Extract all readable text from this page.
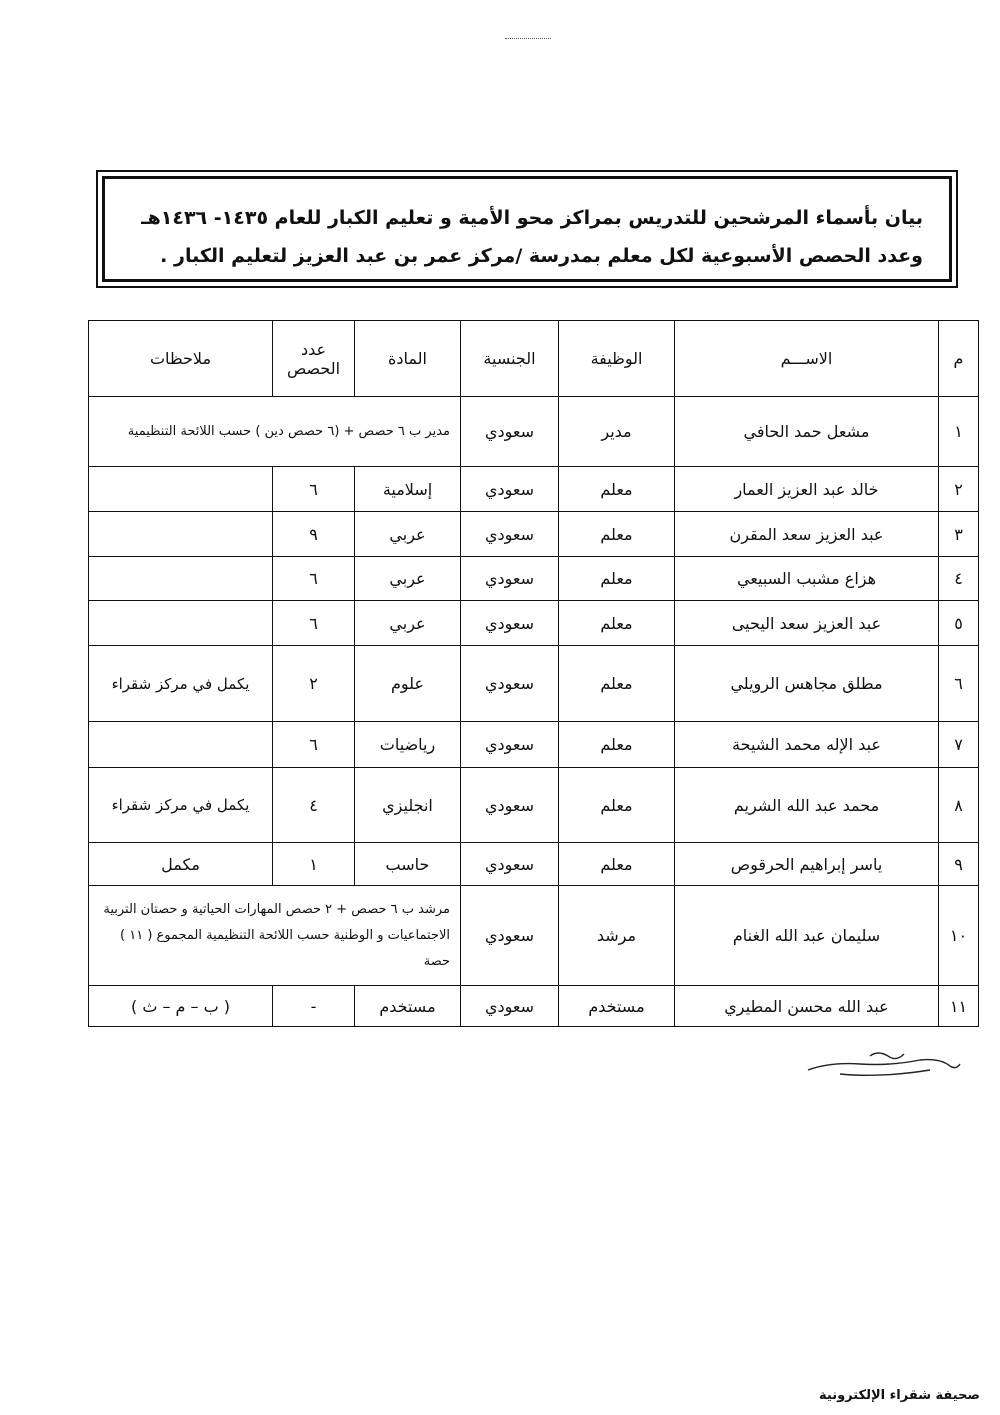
بيان بأسماء المرشحين للتدريس بمراكز محو الأمية و تعليم الكبار للعام ١٤٣٥- ١٤٣٦هـ
وعدد الحصص الأسبوعية لكل معلم بمدرسة /مركز عمر بن عبد العزيز لتعليم الكبار .
م	الاســـم	الوظيفة	الجنسية	المادة	عدد الحصص	ملاحظات
١	مشعل حمد الحافي	مدير	سعودي	مدير ب ٦ حصص + (٦ حصص دين ) حسب اللائحة التنظيمية		
٢	خالد عبد العزيز العمار	معلم	سعودي	إسلامية	٦	
٣	عبد العزيز سعد المقرن	معلم	سعودي	عربي	٩	
٤	هزاع مشبب السبيعي	معلم	سعودي	عربي	٦	
٥	عبد العزيز سعد اليحيى	معلم	سعودي	عربي	٦	
٦	مطلق مجاهس الرويلي	معلم	سعودي	علوم	٢	يكمل في مركز شقراء
٧	عبد الإله محمد الشيحة	معلم	سعودي	رياضيات	٦	
٨	محمد عبد الله الشريم	معلم	سعودي	انجليزي	٤	يكمل في مركز شقراء
٩	ياسر إبراهيم الحرقوص	معلم	سعودي	حاسب	١	مكمل
١٠	سليمان عبد الله الغنام	مرشد	سعودي	مرشد ب ٦ حصص + ٢ حصص المهارات الحياتية و حصتان التربية الاجتماعيات و الوطنية حسب اللائحة التنظيمية المجموع ( ١١ ) حصة		
١١	عبد الله محسن المطيري	مستخدم	سعودي	مستخدم	-	( ب – م – ث )
صحيفة شقراء الإلكترونية
